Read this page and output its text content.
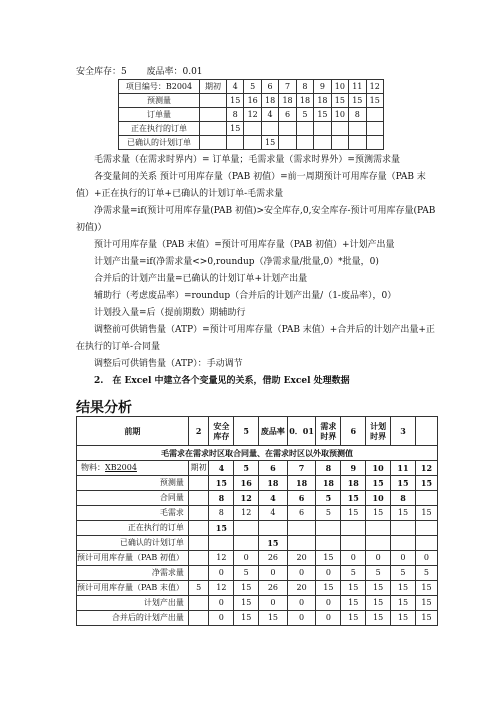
安全库存：5 废品率：0.01
项目编号：B2004	期初	4	5	6	7	8	9	10	11	12
预测量		15	16	18	18	18	18	15	15	15
订单量		8	12	4	6	5	15	10	8	
正在执行的订单		15								
已确认的计划订单				15						

毛需求量（在需求时界内）= 订单量；毛需求量（需求时界外）=预测需求量

各变量间的关系 预计可用库存量（PAB 初值）=前一周期预计可用库存量（PAB 末值）+正在执行的订单+已确认的计划订单-毛需求量

净需求量=if(预计可用库存量(PAB 初值)>安全库存,0,安全库存-预计可用库存量(PAB 初值)）

预计可用库存量（PAB 末值）=预计可用库存量（PAB 初值）+计划产出量

计划产出量=if(净需求量<>0,roundup（净需求量/批量,0）*批量，0)

合并后的计划产出量=已确认的计划订单+计划产出量

辅助行（考虑废品率）=roundup（合并后的计划产出量/（1-废品率），0）

计划投入量=后（提前期数）期辅助行

调整前可供销售量（ATP）=预计可用库存量（PAB 末值）+合并后的计划产出量+正在执行的订单-合同量

调整后可供销售量（ATP）：手动调节

2.　在 Excel 中建立各个变量见的关系，借助 Excel 处理数据
结果分析
前期	2	安全库存	5	废品率	0．01	需求时界	6	计划时界	3	
毛需求在需求时区取合同量、在需求时区以外取预测值										
物料：XB2004	期初	4	5	6	7	8	9	10	11	12
预测量		15	16	18	18	18	18	15	15	15
合同量		8	12	4	6	5	15	10	8	
毛需求		8	12	4	6	5	15	15	15	15
正在执行的订单		15								
已确认的计划订单				15						
预计可用库存量（PAB 初值）		12	0	26	20	15	0	0	0	0
净需求量		0	5	0	0	0	5	5	5	5
预计可用库存量（PAB 末值）	5	12	15	26	20	15	15	15	15	15
计划产出量		0	15	0	0	0	15	15	15	15
合并后的计划产出量		0	15	15	0	0	15	15	15	15
